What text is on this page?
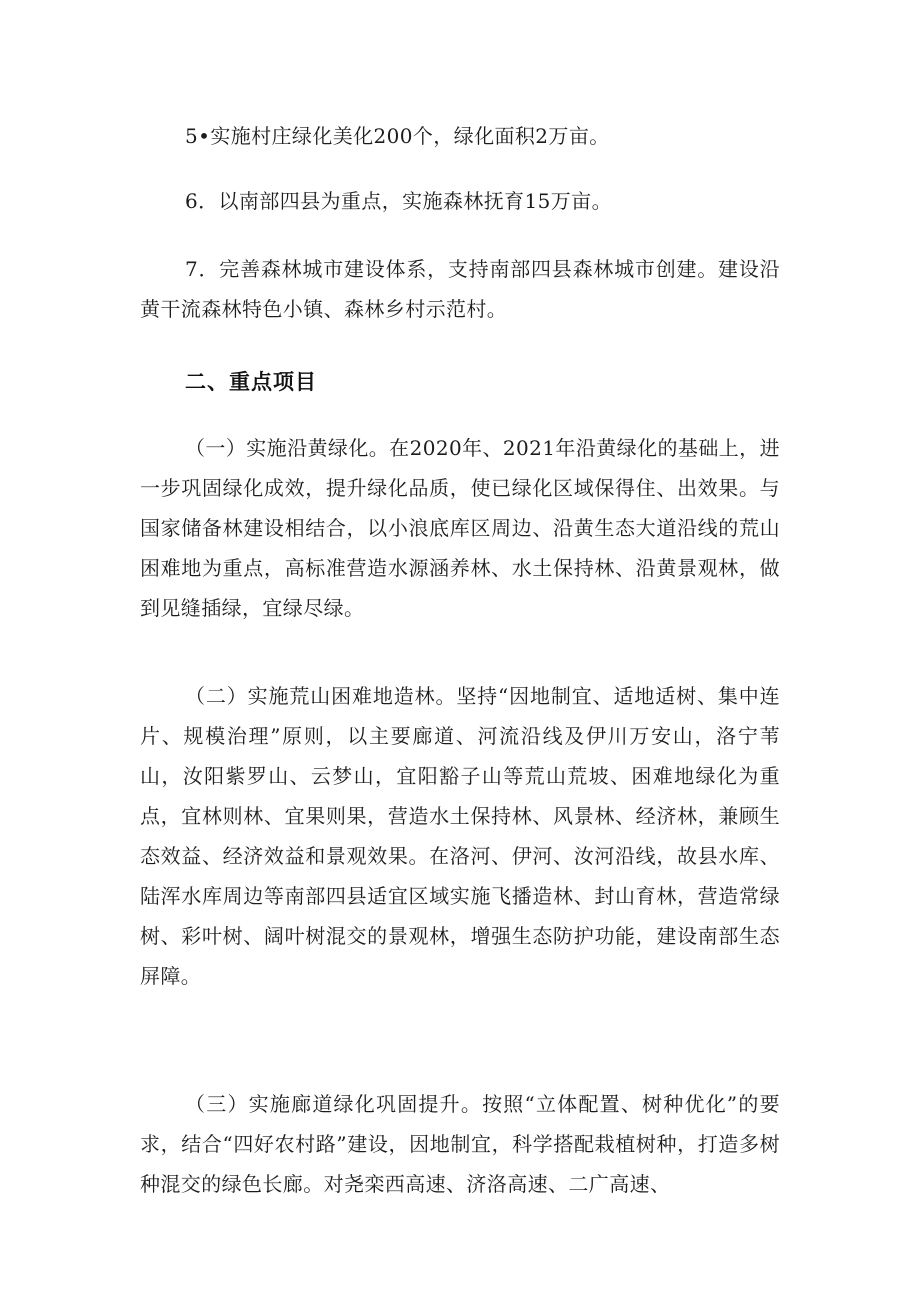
5•实施村庄绿化美化200个，绿化面积2万亩。
6．以南部四县为重点，实施森林抚育15万亩。
7．完善森林城市建设体系，支持南部四县森林城市创建。建设沿黄干流森林特色小镇、森林乡村示范村。
二、重点项目
（一）实施沿黄绿化。在2020年、2021年沿黄绿化的基础上，进一步巩固绿化成效，提升绿化品质，使已绿化区域保得住、出效果。与国家储备林建设相结合，以小浪底库区周边、沿黄生态大道沿线的荒山困难地为重点，高标准营造水源涵养林、水土保持林、沿黄景观林，做到见缝插绿，宜绿尽绿。
（二）实施荒山困难地造林。坚持“因地制宜、适地适树、集中连片、规模治理”原则，以主要廊道、河流沿线及伊川万安山，洛宁苇山，汝阳紫罗山、云梦山，宜阳豁子山等荒山荒坡、困难地绿化为重点，宜林则林、宜果则果，营造水土保持林、风景林、经济林，兼顾生态效益、经济效益和景观效果。在洛河、伊河、汝河沿线，故县水库、陆浑水库周边等南部四县适宜区域实施飞播造林、封山育林，营造常绿树、彩叶树、阔叶树混交的景观林，增强生态防护功能，建设南部生态屏障。
（三）实施廊道绿化巩固提升。按照“立体配置、树种优化”的要求，结合“四好农村路”建设，因地制宜，科学搭配栽植树种，打造多树种混交的绿色长廊。对尧栾西高速、济洛高速、二广高速、
